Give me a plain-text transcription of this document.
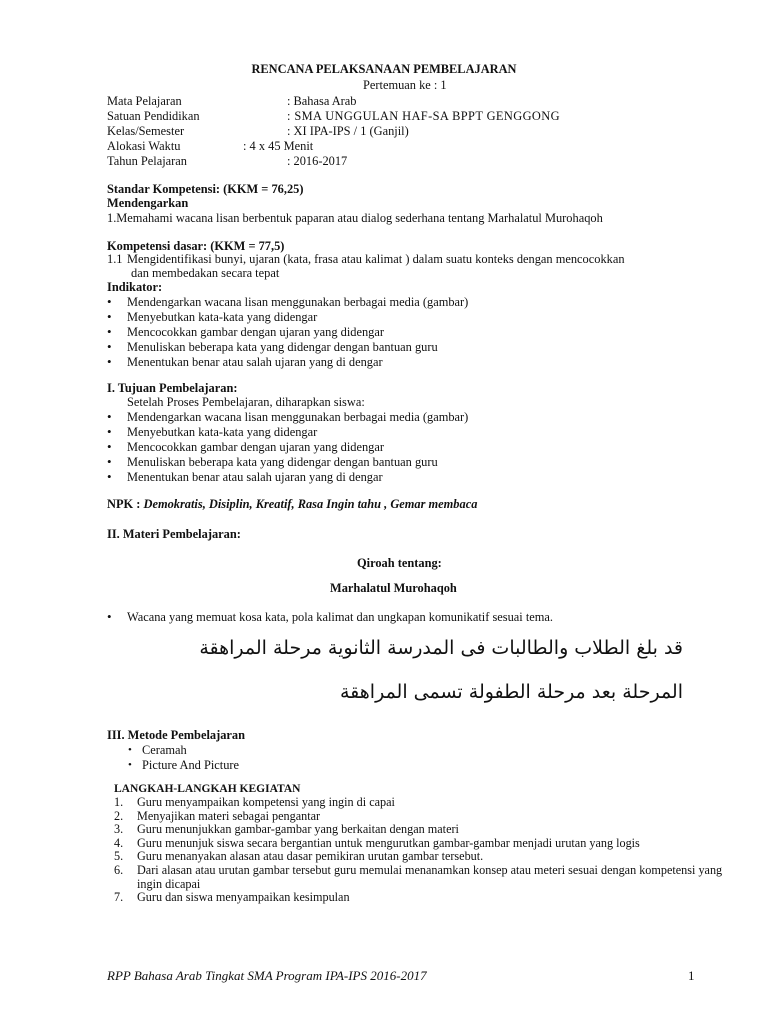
RENCANA PELAKSANAAN PEMBELAJARAN
Pertemuan ke : 1
Mata Pelajaran	: Bahasa Arab
Satuan Pendidikan	: SMA UNGGULAN HAF-SA BPPT GENGGONG
Kelas/Semester	: XI IPA-IPS / 1 (Ganjil)
Alokasi Waktu	: 4 x 45 Menit
Tahun Pelajaran	: 2016-2017
Standar Kompetensi: (KKM = 76,25)
Mendengarkan
1.Memahami wacana lisan berbentuk paparan atau dialog sederhana tentang Marhalatul Murohaqoh
Kompetensi dasar: (KKM = 77,5)
1.1 Mengidentifikasi bunyi, ujaran (kata, frasa atau kalimat ) dalam suatu konteks dengan mencocokkan
dan membedakan secara tepat
Indikator:
• Mendengarkan wacana lisan menggunakan berbagai media (gambar)
• Menyebutkan kata-kata yang didengar
• Mencocokkan gambar dengan ujaran yang didengar
• Menuliskan beberapa kata yang didengar dengan bantuan guru
• Menentukan benar atau salah ujaran yang di dengar
I. Tujuan Pembelajaran:
Setelah Proses Pembelajaran, diharapkan siswa:
• Mendengarkan wacana lisan menggunakan berbagai media (gambar)
• Menyebutkan kata-kata yang didengar
• Mencocokkan gambar dengan ujaran yang didengar
• Menuliskan beberapa kata yang didengar dengan bantuan guru
• Menentukan benar atau salah ujaran yang di dengar
NPK : Demokratis, Disiplin, Kreatif, Rasa Ingin tahu , Gemar membaca
II. Materi Pembelajaran:
Qiroah tentang:
Marhalatul Murohaqoh
• Wacana yang memuat kosa kata, pola kalimat dan ungkapan komunikatif sesuai tema.
قد بلغ الطلاب والطالبات فى المدرسة الثانوية مرحلة المراهقة
المرحلة بعد مرحلة الطفولة تسمى المراهقة
III. Metode Pembelajaran
• Ceramah
• Picture And Picture
LANGKAH-LANGKAH KEGIATAN
1. Guru menyampaikan kompetensi yang ingin di capai
2. Menyajikan materi sebagai pengantar
3. Guru menunjukkan gambar-gambar yang berkaitan dengan materi
4. Guru menunjuk siswa secara bergantian untuk mengurutkan gambar-gambar menjadi urutan yang logis
5. Guru menanyakan alasan atau dasar pemikiran urutan gambar tersebut.
6. Dari alasan atau urutan gambar tersebut guru memulai menanamkan konsep atau meteri sesuai dengan kompetensi yang ingin dicapai
7. Guru dan siswa menyampaikan kesimpulan
RPP Bahasa Arab Tingkat SMA Program IPA-IPS 2016-2017	1
